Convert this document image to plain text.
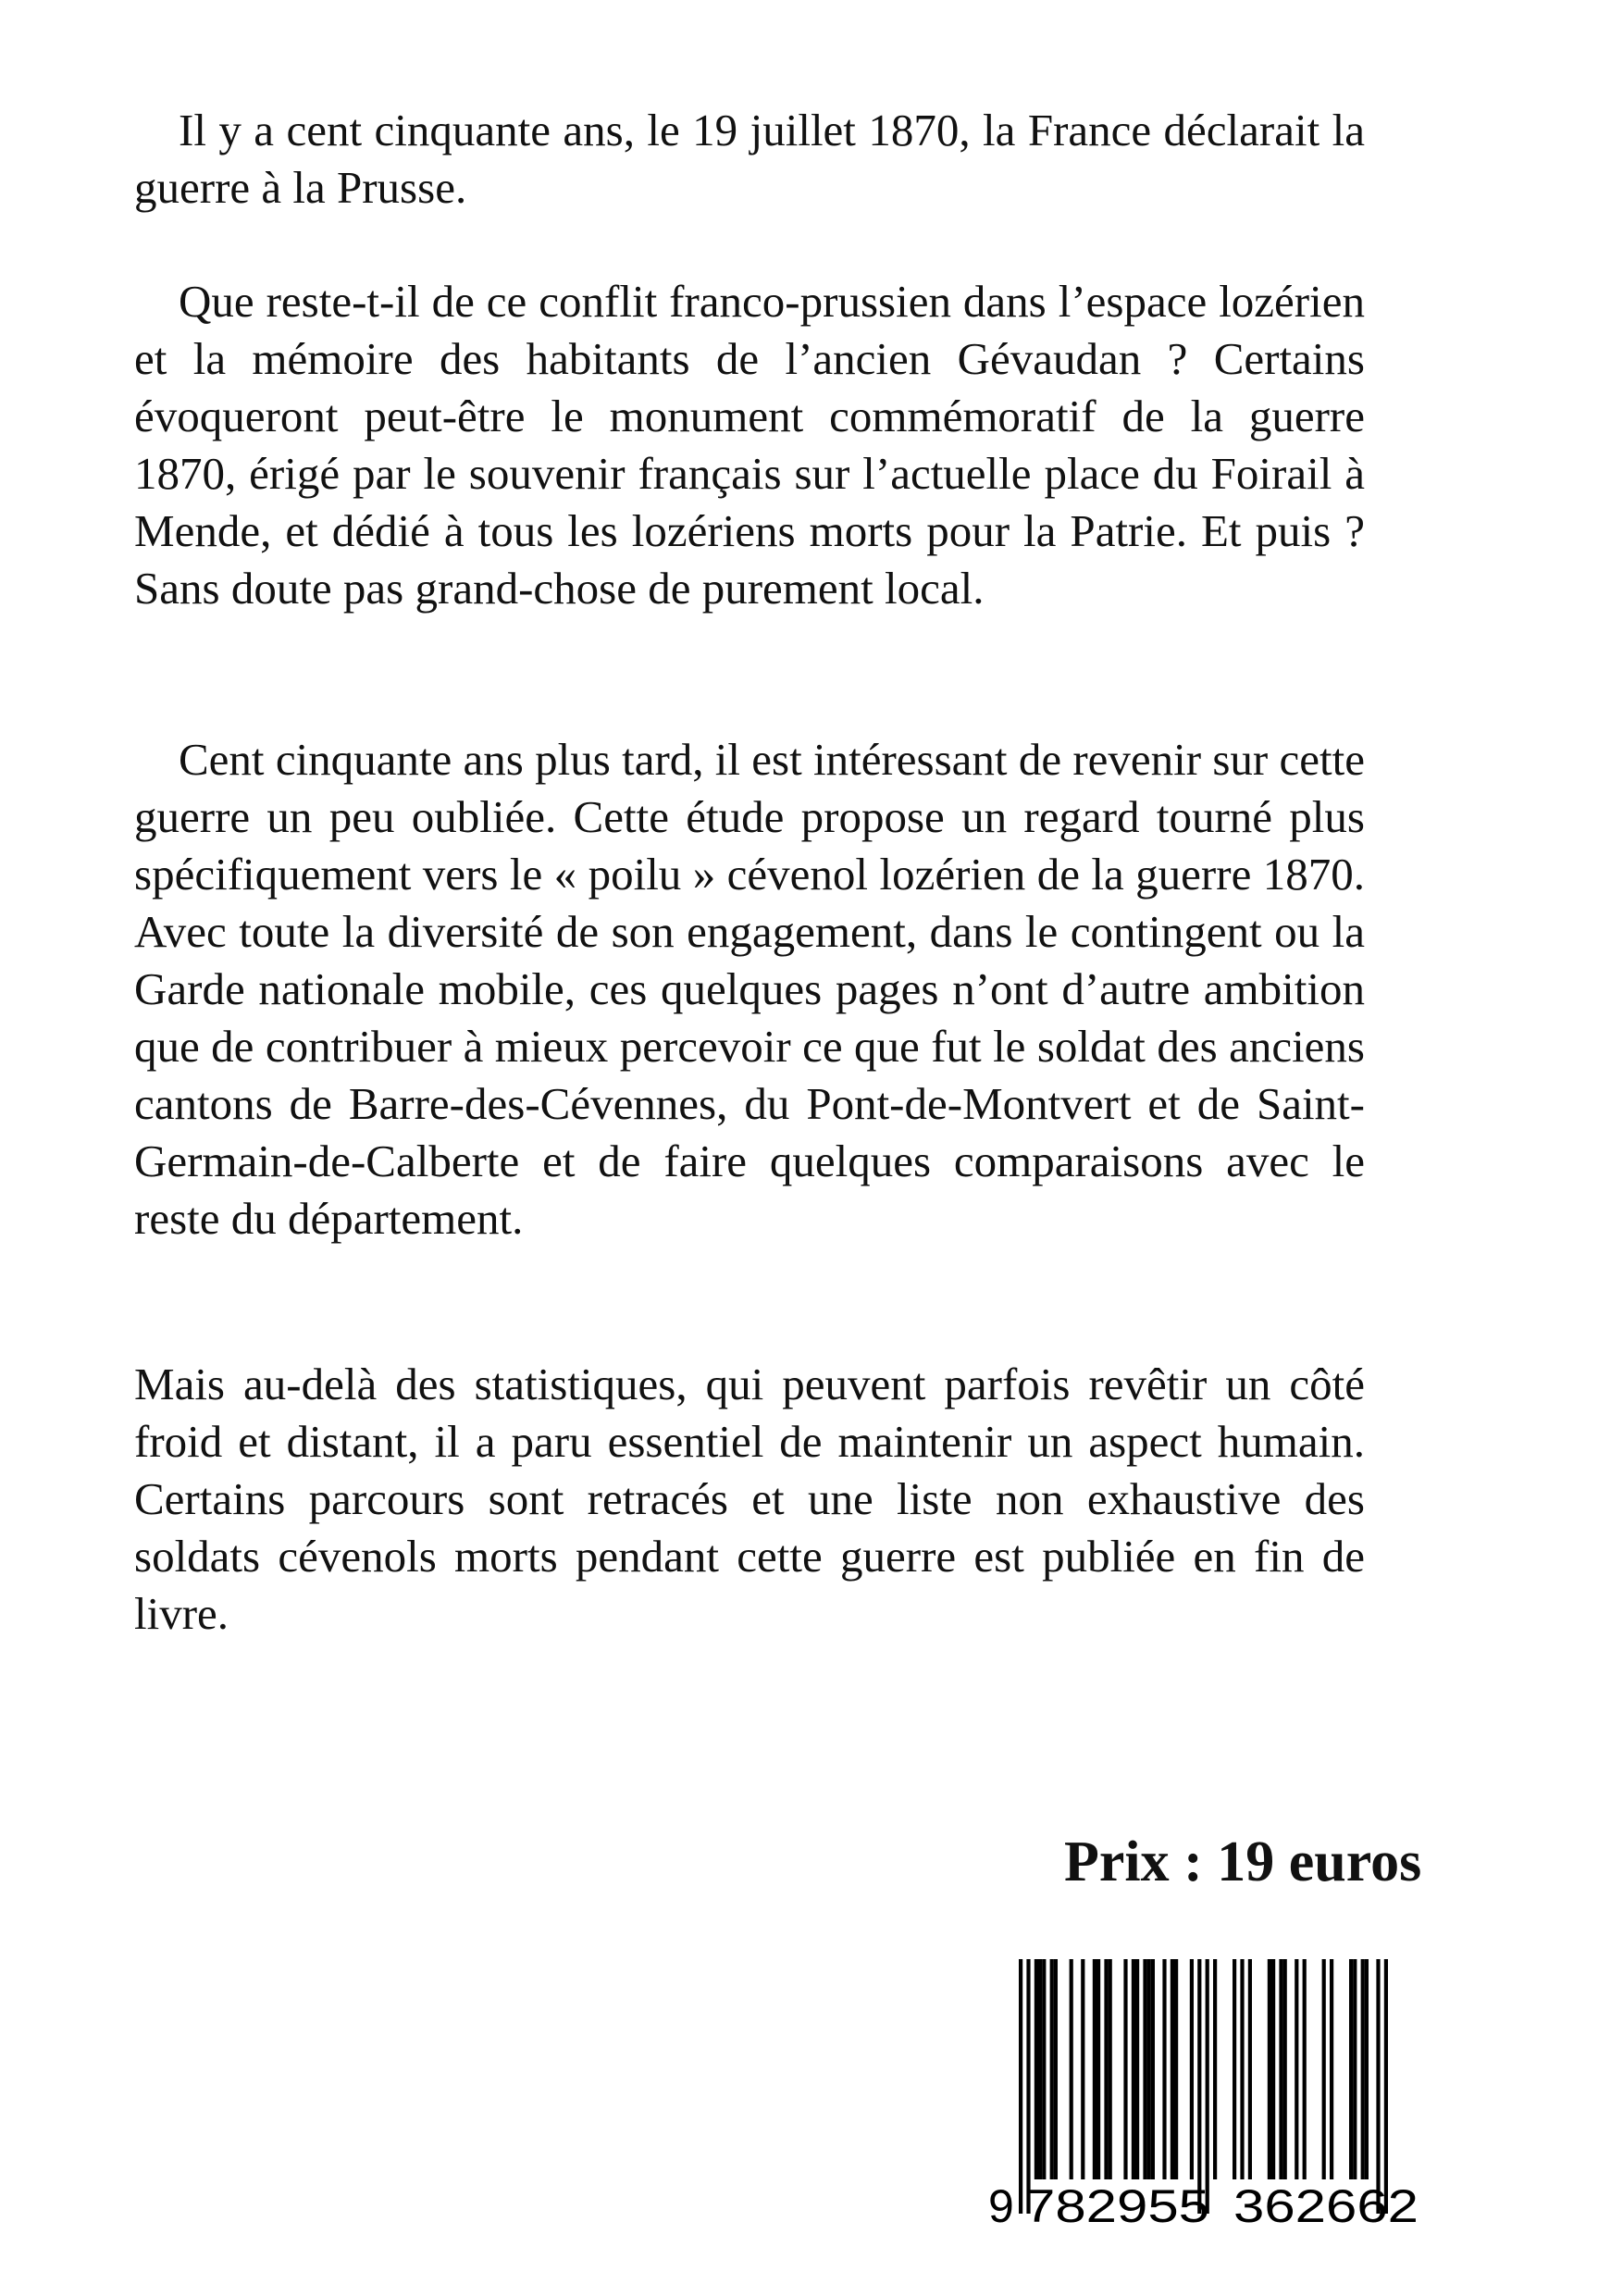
Il y a cent cinquante ans, le 19 juillet 1870, la France déclarait la guerre à la Prusse.

Que reste-t-il de ce conflit franco-prussien dans l’espace lozérien et la mémoire des habitants de l’ancien Gévaudan ? Certains évoqueront peut-être le monument commémoratif de la guerre 1870, érigé par le souvenir français sur l’actuelle place du Foirail à Mende, et dédié à tous les lozériens morts pour la Patrie. Et puis ? Sans doute pas grand-chose de purement local.

Cent cinquante ans plus tard, il est intéressant de revenir sur cette guerre un peu oubliée. Cette étude propose un regard tourné plus spécifiquement vers le « poilu » cévenol lozérien de la guerre 1870. Avec toute la diversité de son engagement, dans le contingent ou la Garde nationale mobile, ces quelques pages n’ont d’autre ambition que de contribuer à mieux percevoir ce que fut le soldat des anciens cantons de Barre-des-Cévennes, du Pont-de-Montvert et de Saint-Germain-de-Calberte et de faire quelques comparaisons avec le reste du département.

Mais au-delà des statistiques, qui peuvent parfois revêtir un côté froid et distant, il a paru essentiel de maintenir un aspect humain. Certains parcours sont retracés et une liste non exhaustive des soldats cévenols morts pendant cette guerre est publiée en fin de livre.

Prix : 19 euros
9 782955 362662
